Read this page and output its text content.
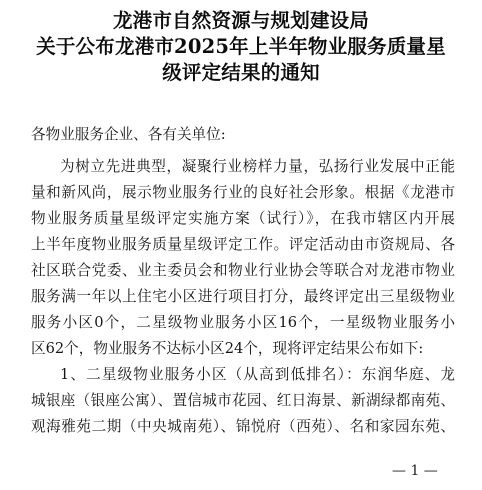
龙港市自然资源与规划建设局
关于公布龙港市2025年上半年物业服务质量星
级评定结果的通知
各物业服务企业、各有关单位:
为树立先进典型，凝聚行业榜样力量，弘扬行业发展中正能
量和新风尚，展示物业服务行业的良好社会形象。根据《龙港市
物业服务质量星级评定实施方案（试行）》，在我市辖区内开展
上半年度物业服务质量星级评定工作。评定活动由市资规局、各
社区联合党委、业主委员会和物业行业协会等联合对龙港市物业
服务满一年以上住宅小区进行项目打分，最终评定出三星级物业
服务小区0个，二星级物业服务小区16个，一星级物业服务小
区62个，物业服务不达标小区24个，现将评定结果公布如下:
1、二星级物业服务小区（从高到低排名）：东润华庭、龙
城银座（银座公寓）、置信城市花园、红日海景、新湖绿都南苑、
观海雅苑二期（中央城南苑）、锦悦府（西苑）、名和家园东苑、
— 1 —
